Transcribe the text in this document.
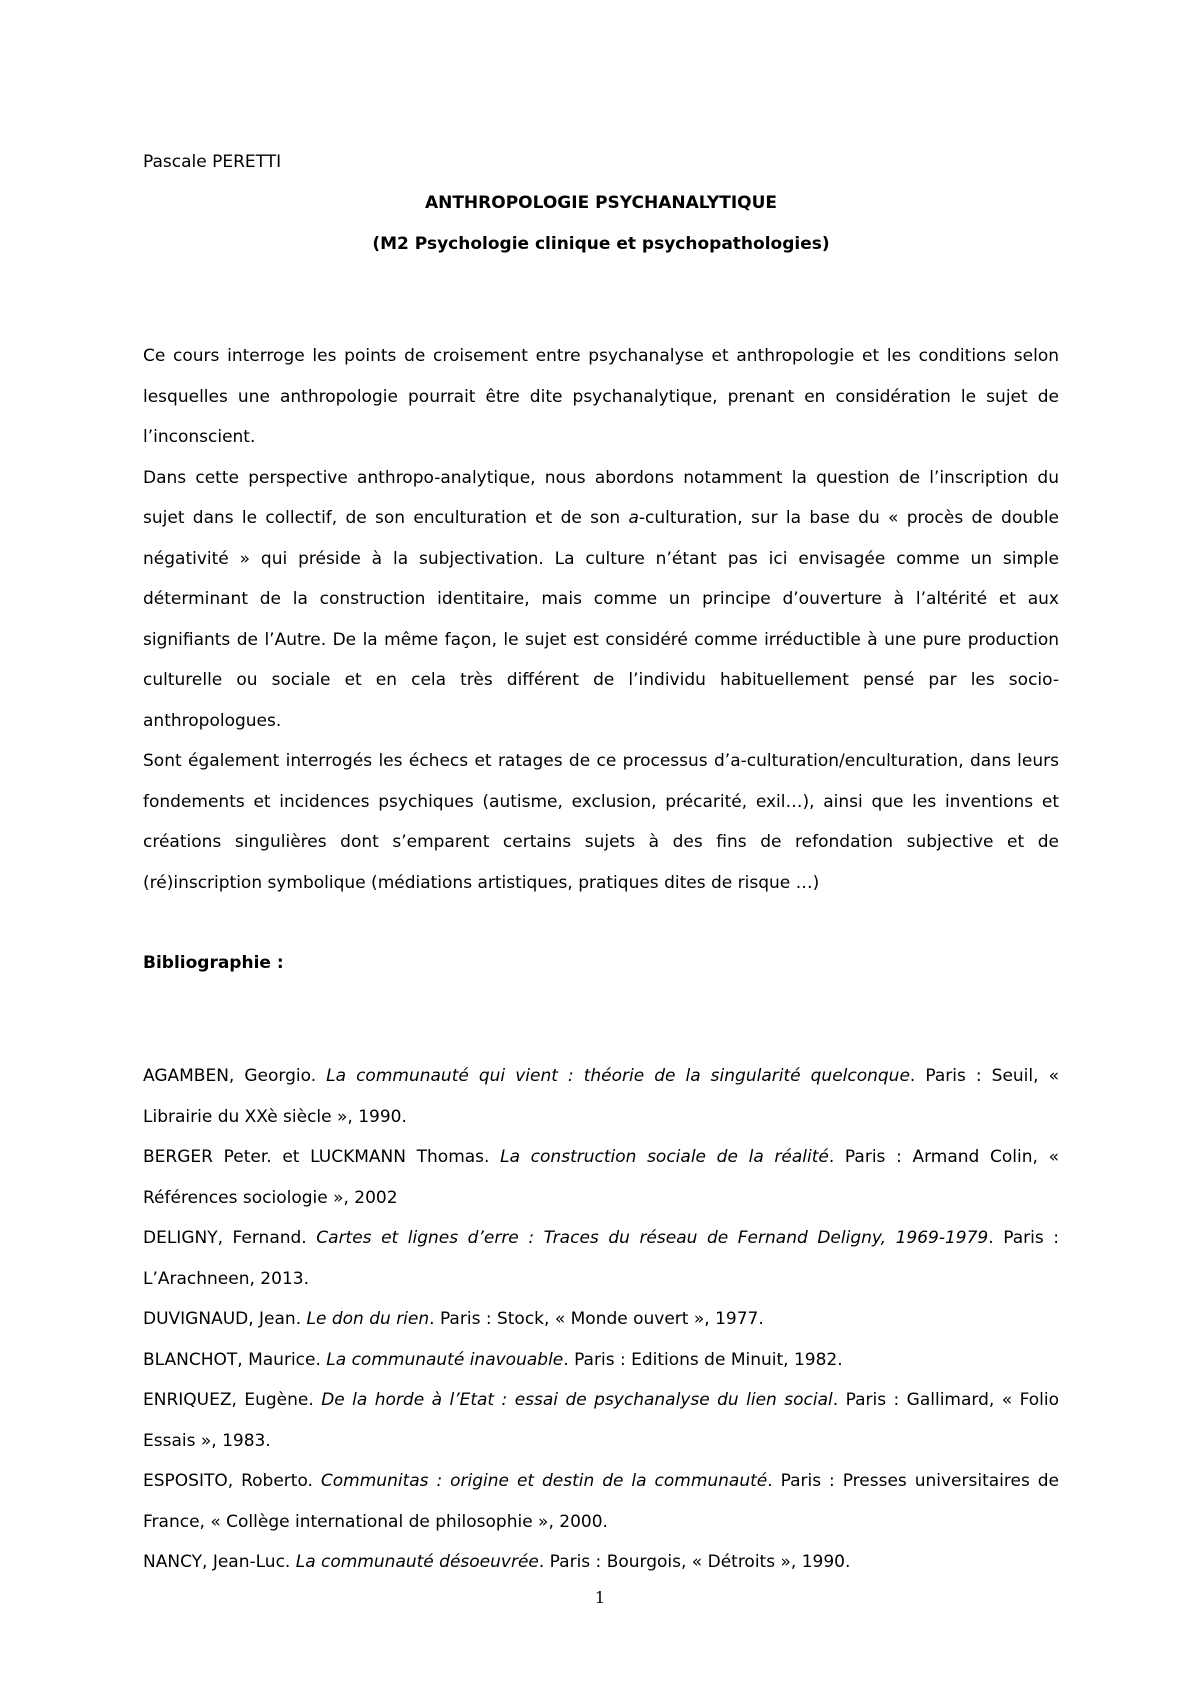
Pascale PERETTI

ANTHROPOLOGIE PSYCHANALYTIQUE

(M2 Psychologie clinique et psychopathologies)

Ce cours interroge les points de croisement entre psychanalyse et anthropologie et les conditions selon lesquelles une anthropologie pourrait être dite psychanalytique, prenant en considération le sujet de l’inconscient.

Dans cette perspective anthropo-analytique, nous abordons notamment la question de l’inscription du sujet dans le collectif, de son enculturation et de son a-culturation, sur la base du « procès de double négativité » qui préside à la subjectivation. La culture n’étant pas ici envisagée comme un simple déterminant de la construction identitaire, mais comme un principe d’ouverture à l’altérité et aux signifiants de l’Autre. De la même façon, le sujet est considéré comme irréductible à une pure production culturelle ou sociale et en cela très différent de l’individu habituellement pensé par les socio-anthropologues.

Sont également interrogés les échecs et ratages de ce processus d’a-culturation/enculturation, dans leurs fondements et incidences psychiques (autisme, exclusion, précarité, exil…), ainsi que les inventions et créations singulières dont s’emparent certains sujets à des fins de refondation subjective et de (ré)inscription symbolique (médiations artistiques, pratiques dites de risque …)

Bibliographie :

AGAMBEN, Georgio. La communauté qui vient : théorie de la singularité quelconque. Paris : Seuil, « Librairie du XXè siècle », 1990.

BERGER Peter. et LUCKMANN Thomas. La construction sociale de la réalité. Paris : Armand Colin, « Références sociologie », 2002

DELIGNY, Fernand. Cartes et lignes d’erre : Traces du réseau de Fernand Deligny, 1969-1979. Paris : L’Arachneen, 2013.

DUVIGNAUD, Jean. Le don du rien. Paris : Stock, « Monde ouvert », 1977.

BLANCHOT, Maurice. La communauté inavouable. Paris : Editions de Minuit, 1982.

ENRIQUEZ, Eugène. De la horde à l’Etat : essai de psychanalyse du lien social. Paris : Gallimard, « Folio Essais », 1983.

ESPOSITO, Roberto. Communitas : origine et destin de la communauté. Paris : Presses universitaires de France, « Collège international de philosophie », 2000.

NANCY, Jean-Luc. La communauté désoeuvrée. Paris : Bourgois, « Détroits », 1990.

1
